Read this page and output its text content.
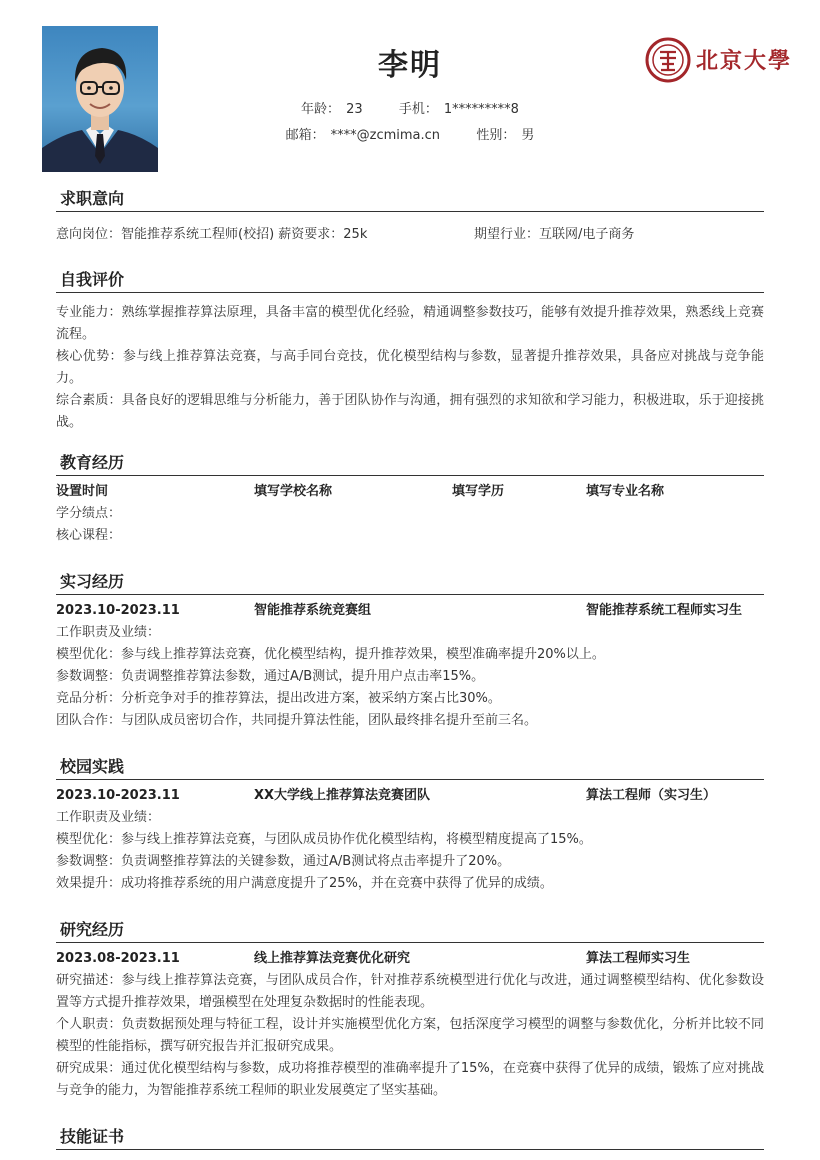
李明
年龄： 23	手机： 1*********8
邮箱： ****@zcmima.cn	性别： 男
北京大學
求职意向
意向岗位：智能推荐系统工程师(校招) 薪资要求：25k	期望行业：互联网/电子商务
自我评价
专业能力：熟练掌握推荐算法原理，具备丰富的模型优化经验，精通调整参数技巧，能够有效提升推荐效果，熟悉线上竞赛流程。
核心优势：参与线上推荐算法竞赛，与高手同台竞技，优化模型结构与参数，显著提升推荐效果，具备应对挑战与竞争能力。
综合素质：具备良好的逻辑思维与分析能力，善于团队协作与沟通，拥有强烈的求知欲和学习能力，积极进取，乐于迎接挑战。
教育经历
设置时间	填写学校名称	填写学历	填写专业名称
学分绩点：
核心课程：
实习经历
2023.10-2023.11	智能推荐系统竞赛组	智能推荐系统工程师实习生
工作职责及业绩：
模型优化：参与线上推荐算法竞赛，优化模型结构，提升推荐效果，模型准确率提升20%以上。
参数调整：负责调整推荐算法参数，通过A/B测试，提升用户点击率15%。
竞品分析：分析竞争对手的推荐算法，提出改进方案，被采纳方案占比30%。
团队合作：与团队成员密切合作，共同提升算法性能，团队最终排名提升至前三名。
校园实践
2023.10-2023.11	XX大学线上推荐算法竞赛团队	算法工程师（实习生）
工作职责及业绩：
模型优化：参与线上推荐算法竞赛，与团队成员协作优化模型结构，将模型精度提高了15%。
参数调整：负责调整推荐算法的关键参数，通过A/B测试将点击率提升了20%。
效果提升：成功将推荐系统的用户满意度提升了25%，并在竞赛中获得了优异的成绩。
研究经历
2023.08-2023.11	线上推荐算法竞赛优化研究	算法工程师实习生
研究描述：参与线上推荐算法竞赛，与团队成员合作，针对推荐系统模型进行优化与改进，通过调整模型结构、优化参数设置等方式提升推荐效果，增强模型在处理复杂数据时的性能表现。
个人职责：负责数据预处理与特征工程，设计并实施模型优化方案，包括深度学习模型的调整与参数优化，分析并比较不同模型的性能指标，撰写研究报告并汇报研究成果。
研究成果：通过优化模型结构与参数，成功将推荐模型的准确率提升了15%，在竞赛中获得了优异的成绩，锻炼了应对挑战与竞争的能力，为智能推荐系统工程师的职业发展奠定了坚实基础。
技能证书
